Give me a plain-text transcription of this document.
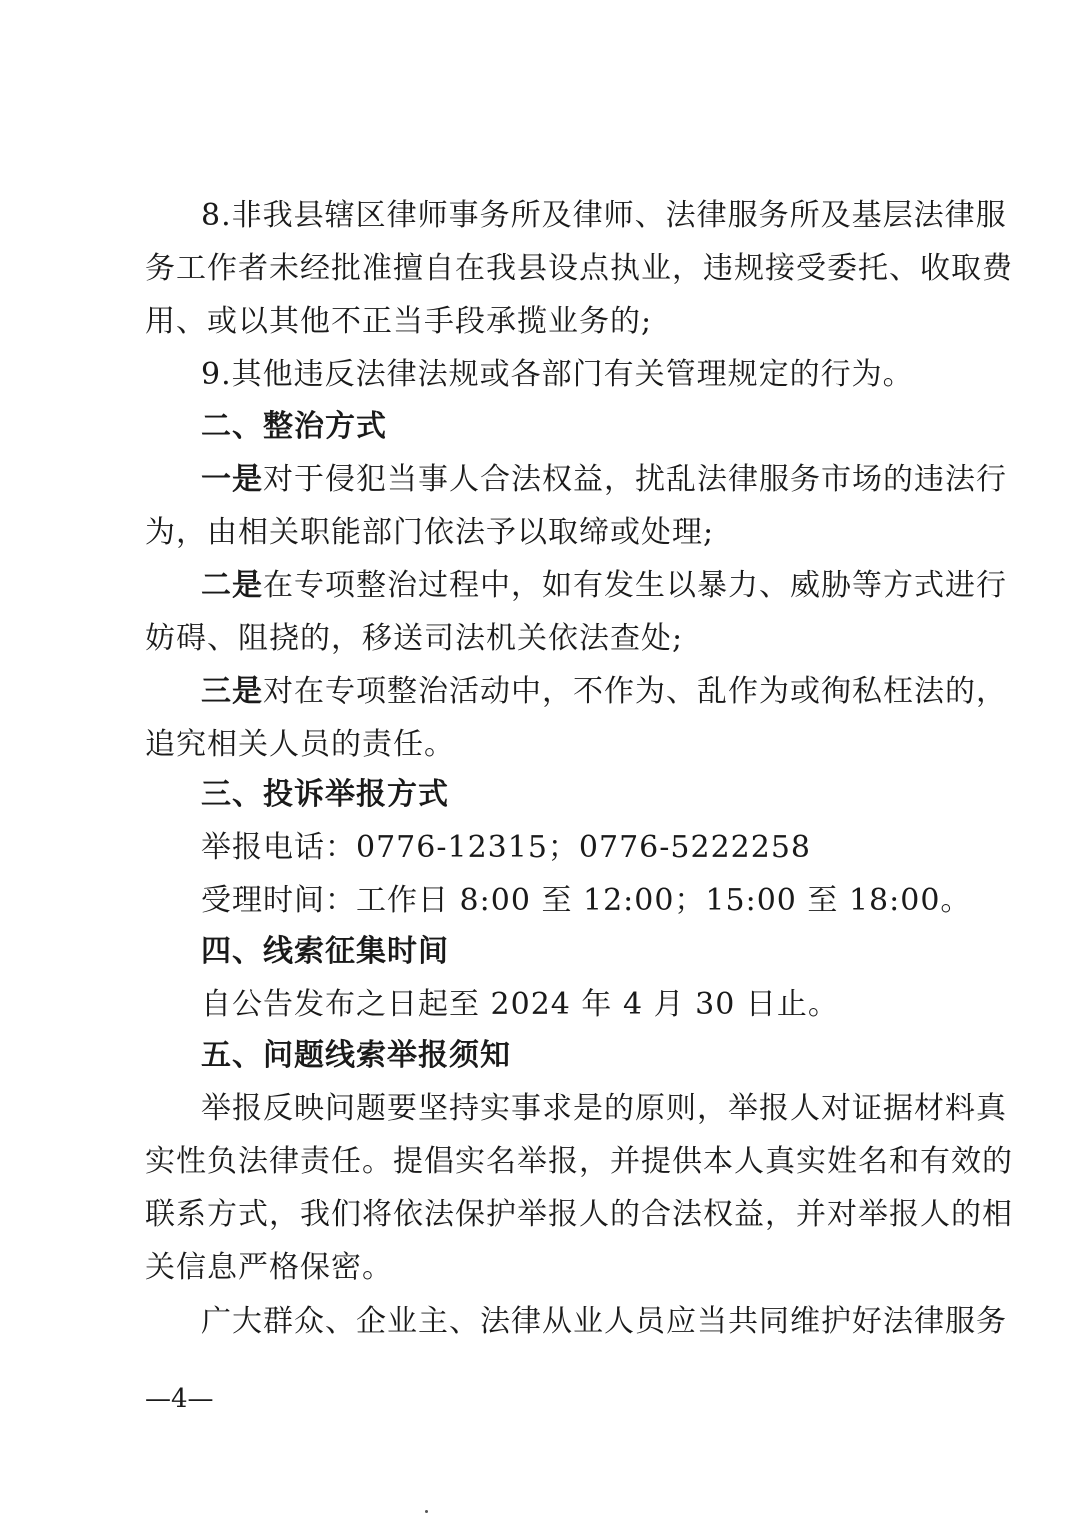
8.非我县辖区律师事务所及律师、法律服务所及基层法律服
务工作者未经批准擅自在我县设点执业，违规接受委托、收取费
用、或以其他不正当手段承揽业务的;
9.其他违反法律法规或各部门有关管理规定的行为。
二、整治方式
一是对于侵犯当事人合法权益，扰乱法律服务市场的违法行
为，由相关职能部门依法予以取缔或处理;
二是在专项整治过程中，如有发生以暴力、威胁等方式进行
妨碍、阻挠的，移送司法机关依法查处;
三是对在专项整治活动中，不作为、乱作为或徇私枉法的，
追究相关人员的责任。
三、投诉举报方式
举报电话：0776-12315；0776-5222258
受理时间：工作日 8:00 至 12:00；15:00 至 18:00。
四、线索征集时间
自公告发布之日起至 2024 年 4 月 30 日止。
五、问题线索举报须知
举报反映问题要坚持实事求是的原则，举报人对证据材料真
实性负法律责任。提倡实名举报，并提供本人真实姓名和有效的
联系方式，我们将依法保护举报人的合法权益，并对举报人的相
关信息严格保密。
广大群众、企业主、法律从业人员应当共同维护好法律服务
—4—
